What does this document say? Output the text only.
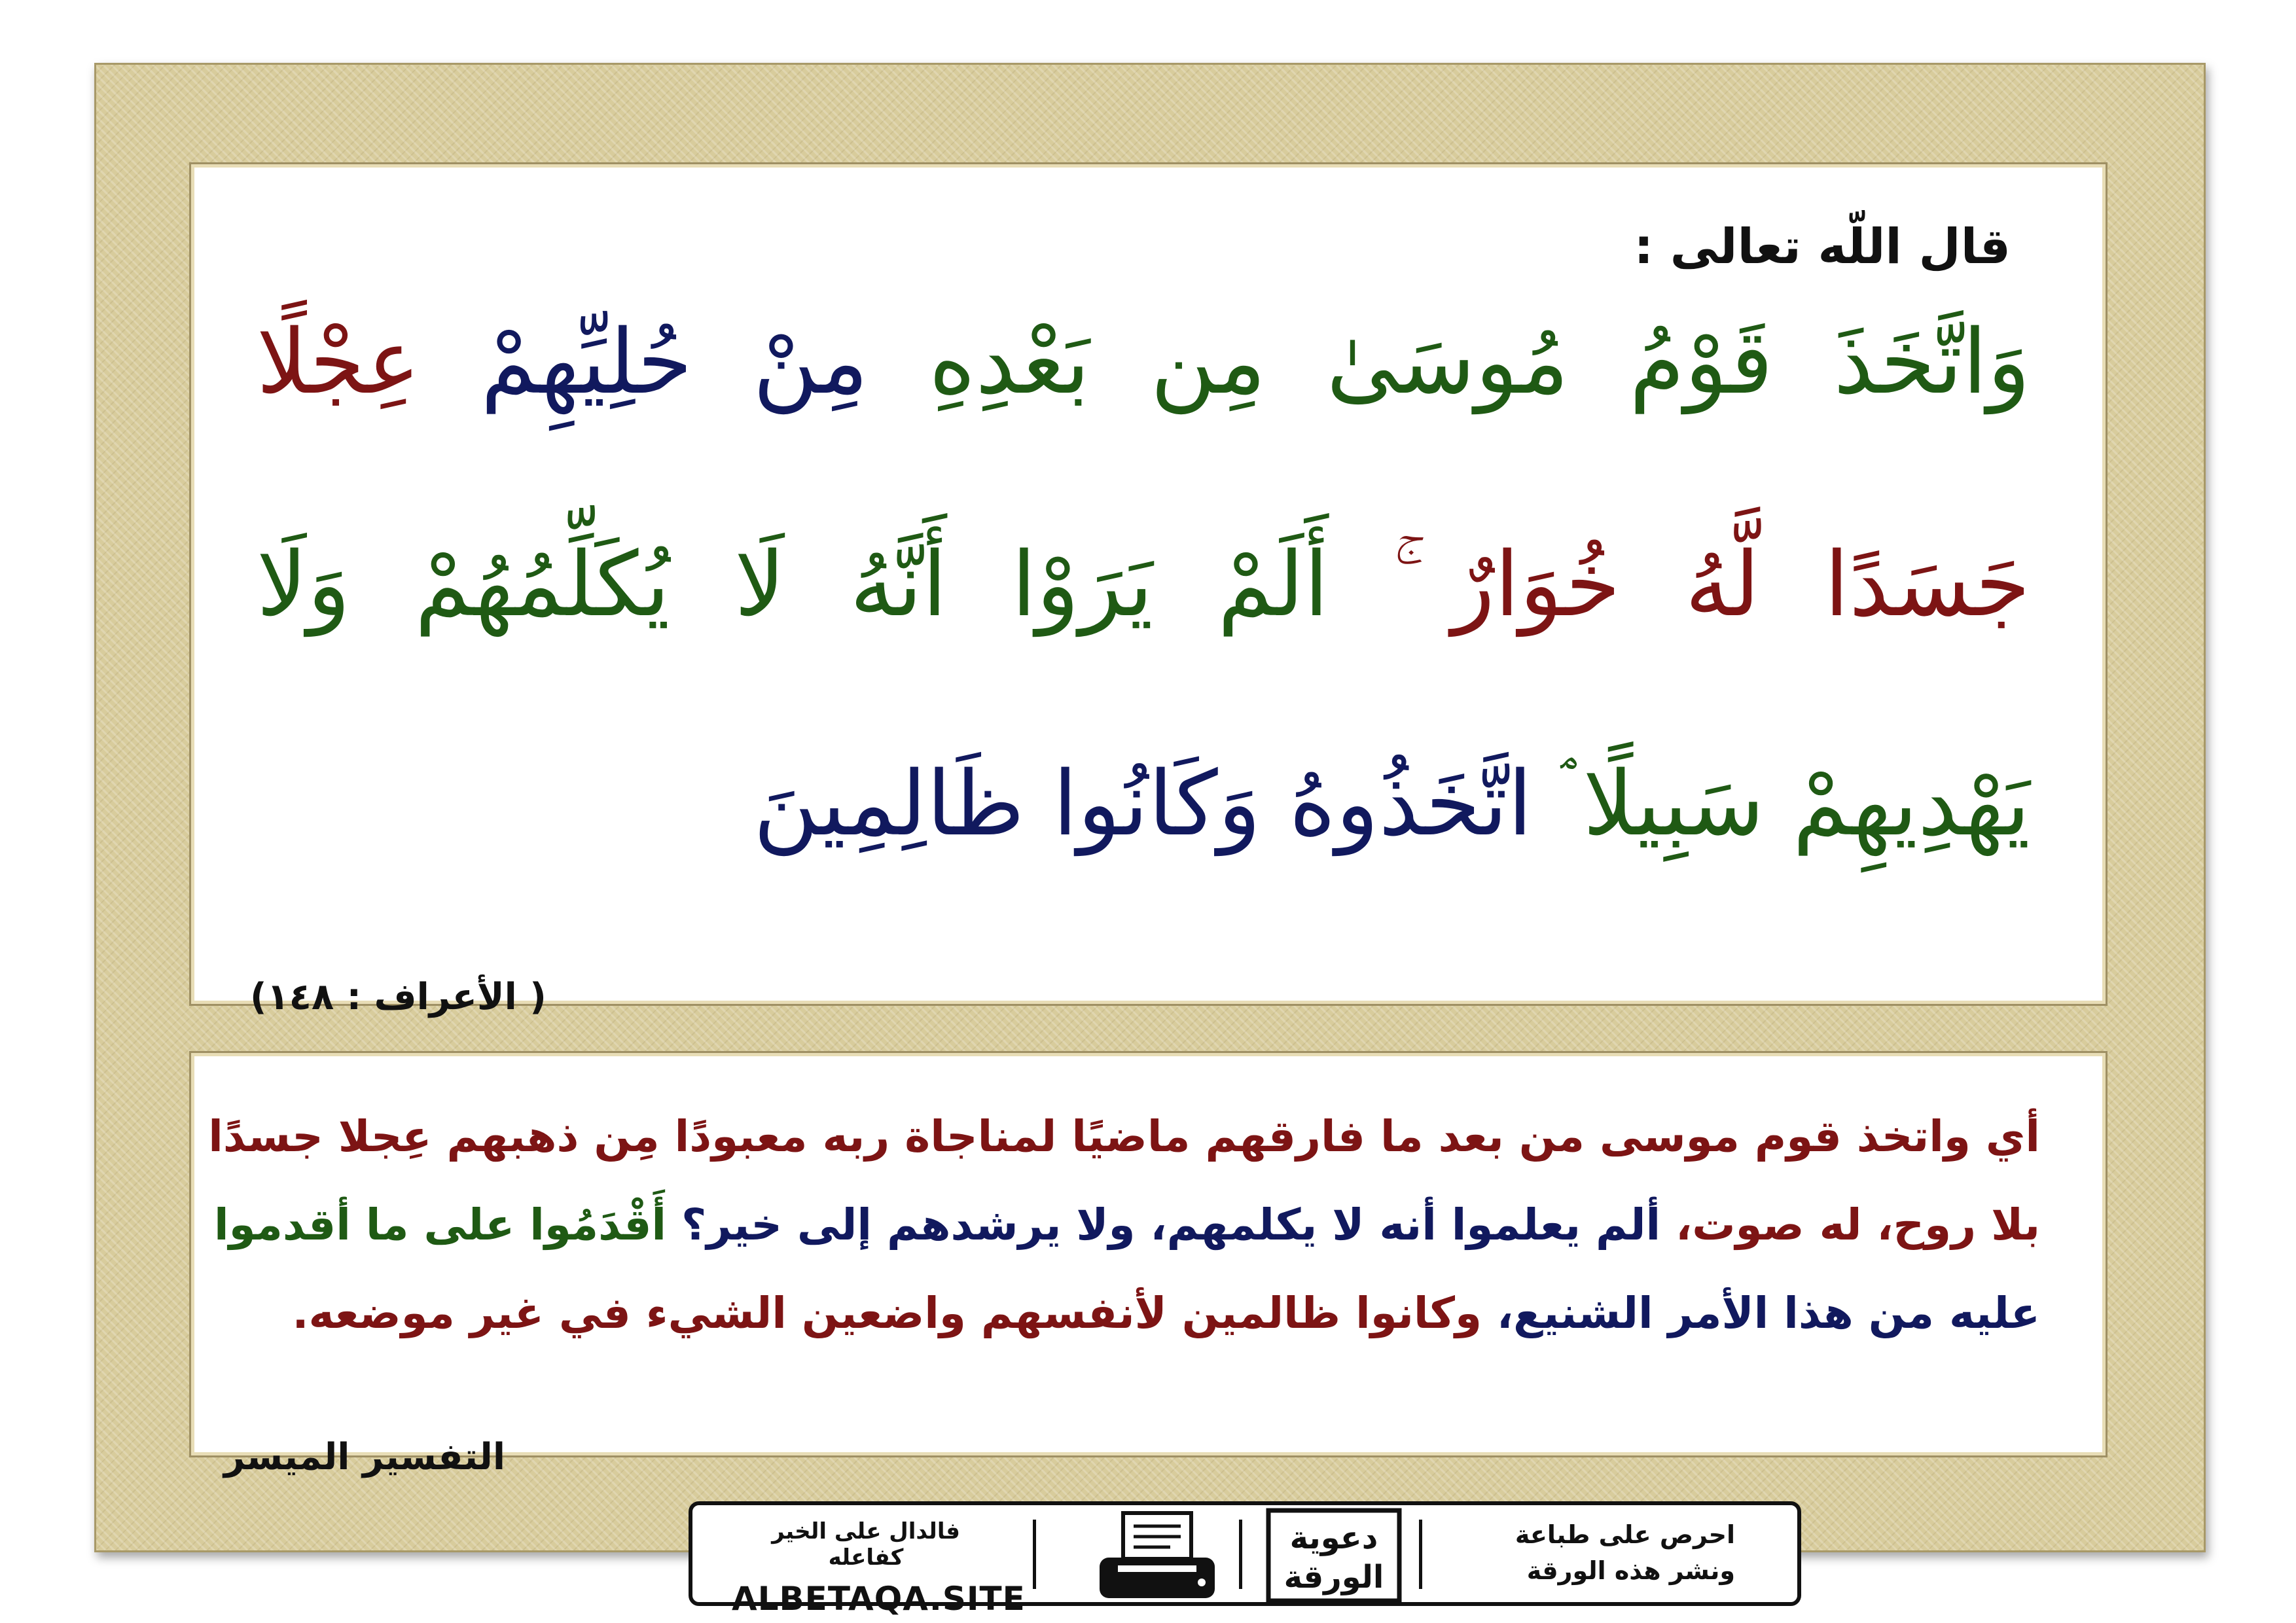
قال اللّه تعالى :
وَاتَّخَذَ قَوْمُ مُوسَىٰ مِن بَعْدِهِ مِنْ حُلِيِّهِمْ عِجْلًا
جَسَدًا لَّهُ خُوَارٌ ۚ أَلَمْ يَرَوْا أَنَّهُ لَا يُكَلِّمُهُمْ وَلَا
يَهْدِيهِمْ سَبِيلًا ۘ اتَّخَذُوهُ وَكَانُوا ظَالِمِينَ
( الأعراف : ١٤٨)
أي واتخذ قوم موسى من بعد ما فارقهم ماضيًا لمناجاة ربه معبودًا مِن ذهبهم عِجلا جسدًا
بلا روح، له صوت، ألم يعلموا أنه لا يكلمهم، ولا يرشدهم إلى خير؟ أَقْدَمُوا على ما أقدموا
عليه من هذا الأمر الشنيع، وكانوا ظالمين لأنفسهم واضعين الشيء في غير موضعه.
التفسير الميسر
فالدال على الخير كفاعله
ALBETAQA.SITE
دعوية
الورقة
احرص على طباعة
ونشر هذه الورقة
